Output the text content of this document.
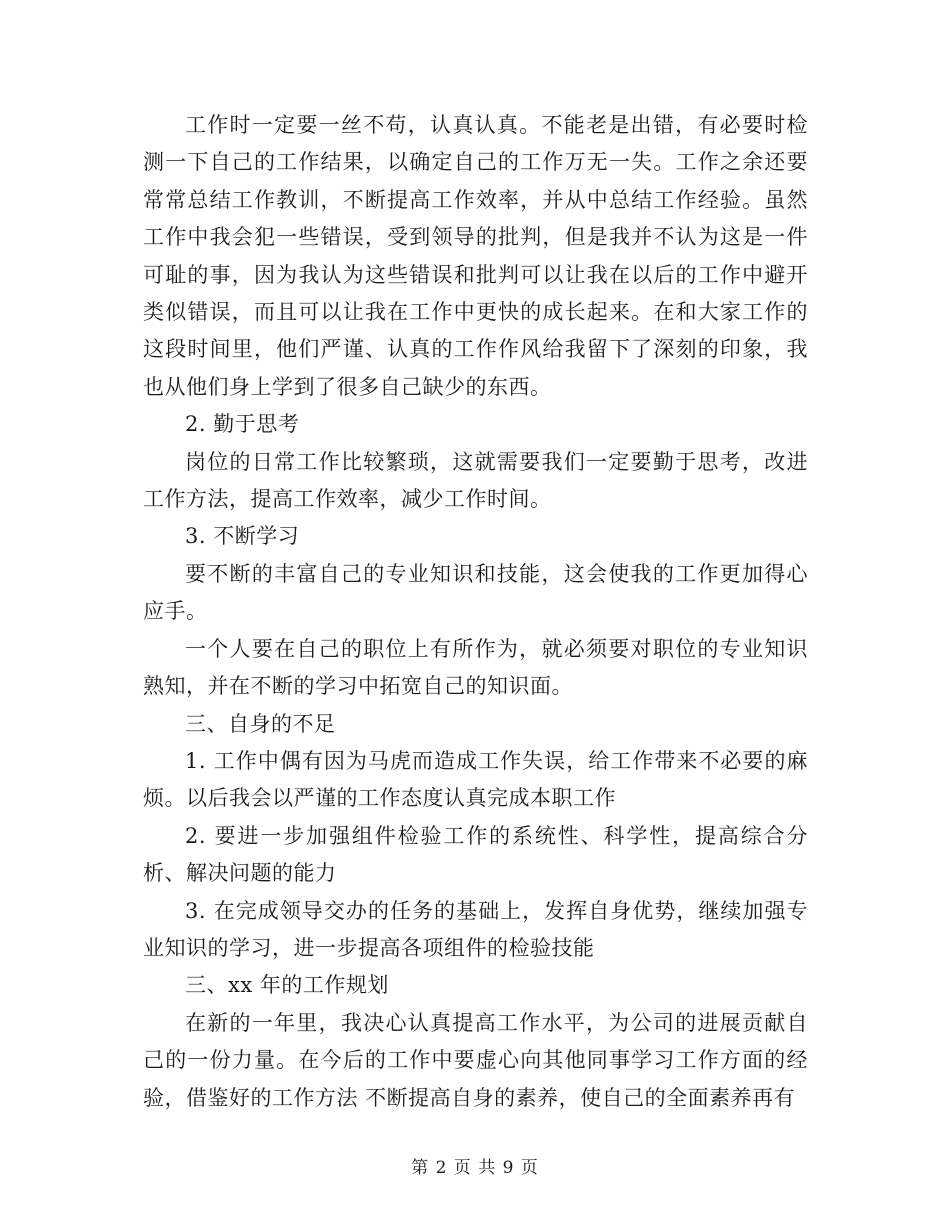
工作时一定要一丝不苟，认真认真。不能老是出错，有必要时检测一下自己的工作结果，以确定自己的工作万无一失。工作之余还要常常总结工作教训，不断提高工作效率，并从中总结工作经验。虽然工作中我会犯一些错误，受到领导的批判，但是我并不认为这是一件可耻的事，因为我认为这些错误和批判可以让我在以后的工作中避开类似错误，而且可以让我在工作中更快的成长起来。在和大家工作的这段时间里，他们严谨、认真的工作作风给我留下了深刻的印象，我也从他们身上学到了很多自己缺少的东西。

2. 勤于思考

岗位的日常工作比较繁琐，这就需要我们一定要勤于思考，改进工作方法，提高工作效率，减少工作时间。

3. 不断学习

要不断的丰富自己的专业知识和技能，这会使我的工作更加得心应手。

一个人要在自己的职位上有所作为，就必须要对职位的专业知识熟知，并在不断的学习中拓宽自己的知识面。

三、自身的不足

1. 工作中偶有因为马虎而造成工作失误，给工作带来不必要的麻烦。以后我会以严谨的工作态度认真完成本职工作

2. 要进一步加强组件检验工作的系统性、科学性，提高综合分析、解决问题的能力

3. 在完成领导交办的任务的基础上，发挥自身优势，继续加强专业知识的学习，进一步提高各项组件的检验技能

三、xx 年的工作规划

在新的一年里，我决心认真提高工作水平，为公司的进展贡献自己的一份力量。在今后的工作中要虚心向其他同事学习工作方面的经验，借鉴好的工作方法 不断提高自身的素养，使自己的全面素养再有

第 2 页 共 9 页
